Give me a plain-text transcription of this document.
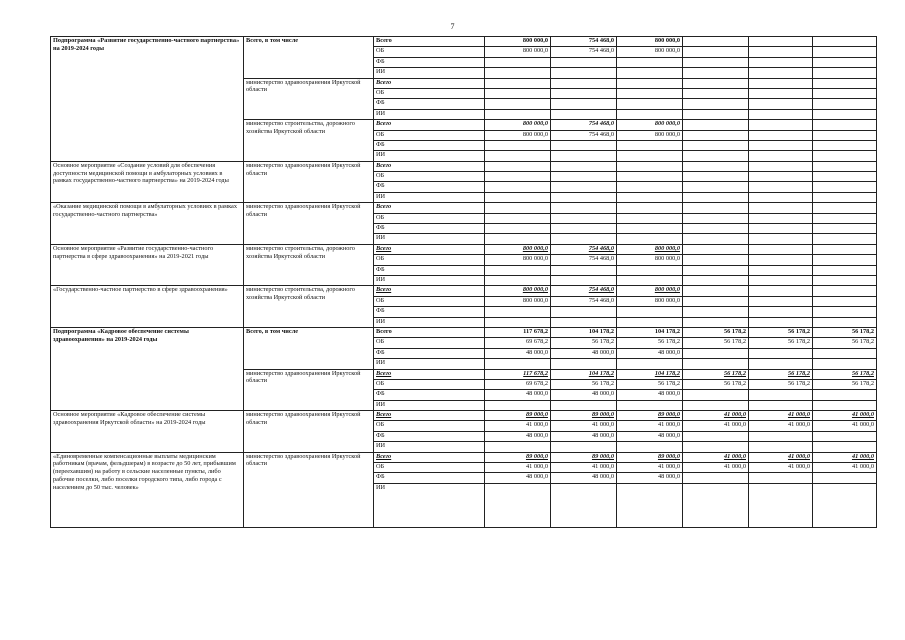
7
Подпрограмма «Развитие государственно-частного партнерства» на 2019-2024 годы	Всего, в том числе	Всего	800 000,0	754 468,0	800 000,0			
		ОБ	800 000,0	754 468,0	800 000,0			
		ФБ						
		ИИ						
	министерство здравоохранения Иркутской области	Всего						
		ОБ						
		ФБ						
		ИИ						
	министерство строительства, дорожного хозяйства Иркутской области	Всего	800 000,0	754 468,0	800 000,0			
		ОБ	800 000,0	754 468,0	800 000,0			
		ФБ						
		ИИ						
Основное мероприятие «Создание условий для обеспечения доступности медицинской помощи в амбулаторных условиях в рамках государственно-частного партнерства» на 2019-2024 годы	министерство здравоохранения Иркутской области	Всего						
		ОБ						
		ФБ						
		ИИ						
«Оказание медицинской помощи в амбулаторных условиях в рамках государственно-частного партнерства»	министерство здравоохранения Иркутской области	Всего						
		ОБ						
		ФБ						
		ИИ						
Основное мероприятие «Развитие государственно-частного партнерства в сфере здравоохранения» на 2019-2021 годы	министерство строительства, дорожного хозяйства Иркутской области	Всего	800 000,0	754 468,0	800 000,0			
		ОБ	800 000,0	754 468,0	800 000,0			
		ФБ						
		ИИ						
«Государственно-частное партнерство в сфере здравоохранения»	министерство строительства, дорожного хозяйства Иркутской области	Всего	800 000,0	754 468,0	800 000,0			
		ОБ	800 000,0	754 468,0	800 000,0			
		ФБ						
		ИИ						
Подпрограмма «Кадровое обеспечение системы здравоохранения» на 2019-2024 годы	Всего, в том числе	Всего	117 678,2	104 178,2	104 178,2	56 178,2	56 178,2	56 178,2
		ОБ	69 678,2	56 178,2	56 178,2	56 178,2	56 178,2	56 178,2
		ФБ	48 000,0	48 000,0	48 000,0			
		ИИ						
	министерство здравоохранения Иркутской области	Всего	117 678,2	104 178,2	104 178,2	56 178,2	56 178,2	56 178,2
		ОБ	69 678,2	56 178,2	56 178,2	56 178,2	56 178,2	56 178,2
		ФБ	48 000,0	48 000,0	48 000,0			
		ИИ						
Основное мероприятие «Кадровое обеспечение системы здравоохранения Иркутской области» на 2019-2024 годы	министерство здравоохранения Иркутской области	Всего	89 000,0	89 000,0	89 000,0	41 000,0	41 000,0	41 000,0
		ОБ	41 000,0	41 000,0	41 000,0	41 000,0	41 000,0	41 000,0
		ФБ	48 000,0	48 000,0	48 000,0			
		ИИ						
«Единовременные компенсационные выплаты медицинским работникам (врачам, фельдшерам) в возрасте до 50 лет, прибывшим (переехавшим) на работу в сельские населенные пункты, либо рабочие поселки, либо поселки городского типа, либо города с населением до 50 тыс. человек»	министерство здравоохранения Иркутской области	Всего	89 000,0	89 000,0	89 000,0	41 000,0	41 000,0	41 000,0
		ОБ	41 000,0	41 000,0	41 000,0	41 000,0	41 000,0	41 000,0
		ФБ	48 000,0	48 000,0	48 000,0			
		ИИ						
